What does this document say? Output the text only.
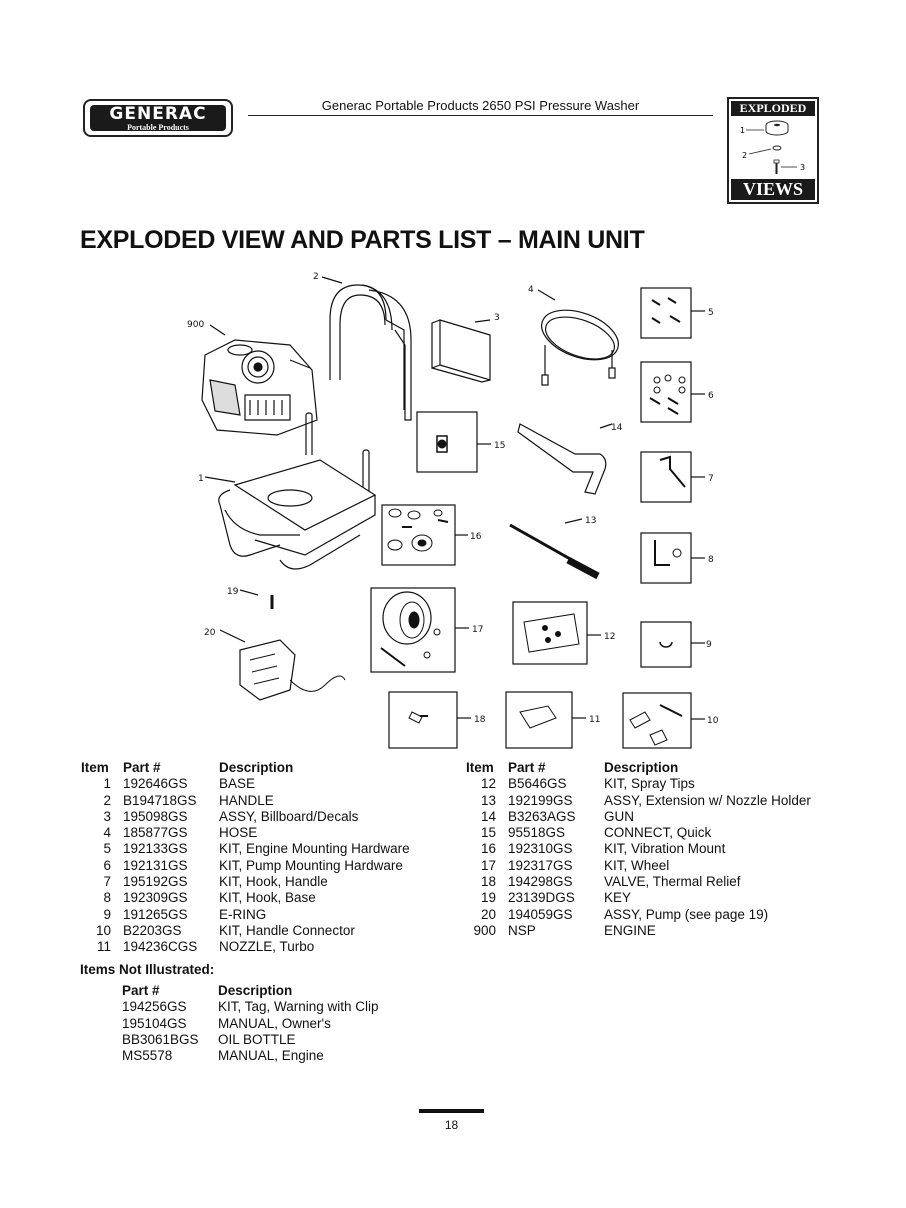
GENERAC
Portable Products
Generac Portable Products 2650 PSI Pressure Washer	EXPLODED
1
2
3
VIEWS
EXPLODED VIEW AND PARTS LIST – MAIN UNIT
900
2
3
4
5
6
7
8
9
10
11
12
13
14
15
16
17
18
19
20
1
Item	Part #	Description
1	192646GS	BASE
2	B194718GS	HANDLE
3	195098GS	ASSY, Billboard/Decals
4	185877GS	HOSE
5	192133GS	KIT, Engine Mounting Hardware
6	192131GS	KIT, Pump Mounting Hardware
7	195192GS	KIT, Hook, Handle
8	192309GS	KIT, Hook, Base
9	191265GS	E-RING
10	B2203GS	KIT, Handle Connector
11	194236CGS	NOZZLE, Turbo
Item	Part #	Description
12	B5646GS	KIT, Spray Tips
13	192199GS	ASSY, Extension w/ Nozzle Holder
14	B3263AGS	GUN
15	95518GS	CONNECT, Quick
16	192310GS	KIT, Vibration Mount
17	192317GS	KIT, Wheel
18	194298GS	VALVE, Thermal Relief
19	23139DGS	KEY
20	194059GS	ASSY, Pump (see page 19)
900	NSP	ENGINE
Items Not Illustrated:
Part #	Description
194256GS	KIT, Tag, Warning with Clip
195104GS	MANUAL, Owner's
BB3061BGS	OIL BOTTLE
MS5578	MANUAL, Engine
18
